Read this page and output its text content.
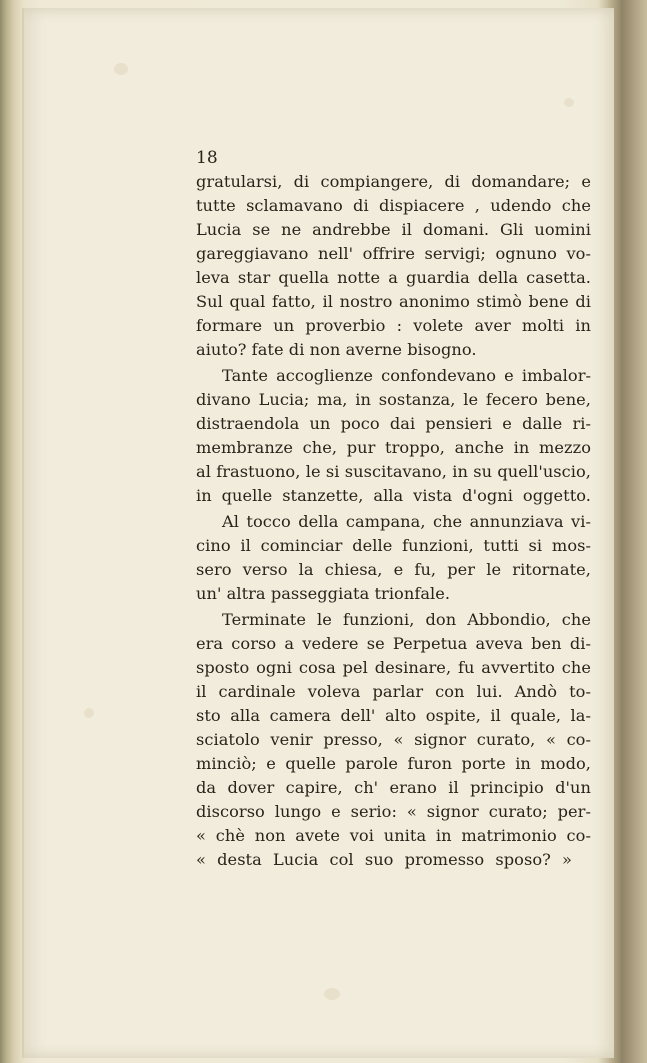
18
gratularsi, di compiangere, di domandare; e
tutte sclamavano di dispiacere , udendo che
Lucia se ne andrebbe il domani. Gli uomini
gareggiavano nell' offrire servigi; ognuno vo-
leva star quella notte a guardia della casetta.
Sul qual fatto, il nostro anonimo stimò bene di
formare un proverbio : volete aver molti in
aiuto? fate di non averne bisogno.
Tante accoglienze confondevano e imbalor-
divano Lucia; ma, in sostanza, le fecero bene,
distraendola un poco dai pensieri e dalle ri-
membranze che, pur troppo, anche in mezzo
al frastuono, le si suscitavano, in su quell'uscio,
in quelle stanzette, alla vista d'ogni oggetto.
Al tocco della campana, che annunziava vi-
cino il cominciar delle funzioni, tutti si mos-
sero verso la chiesa, e fu, per le ritornate,
un' altra passeggiata trionfale.
Terminate le funzioni, don Abbondio, che
era corso a vedere se Perpetua aveva ben di-
sposto ogni cosa pel desinare, fu avvertito che
il cardinale voleva parlar con lui. Andò to-
sto alla camera dell' alto ospite, il quale, la-
sciatolo venir presso, « signor curato, « co-
minciò; e quelle parole furon porte in modo,
da dover capire, ch' erano il principio d'un
discorso lungo e serio: « signor curato; per-
« chè non avete voi unita in matrimonio co-
« desta Lucia col suo promesso sposo? »
